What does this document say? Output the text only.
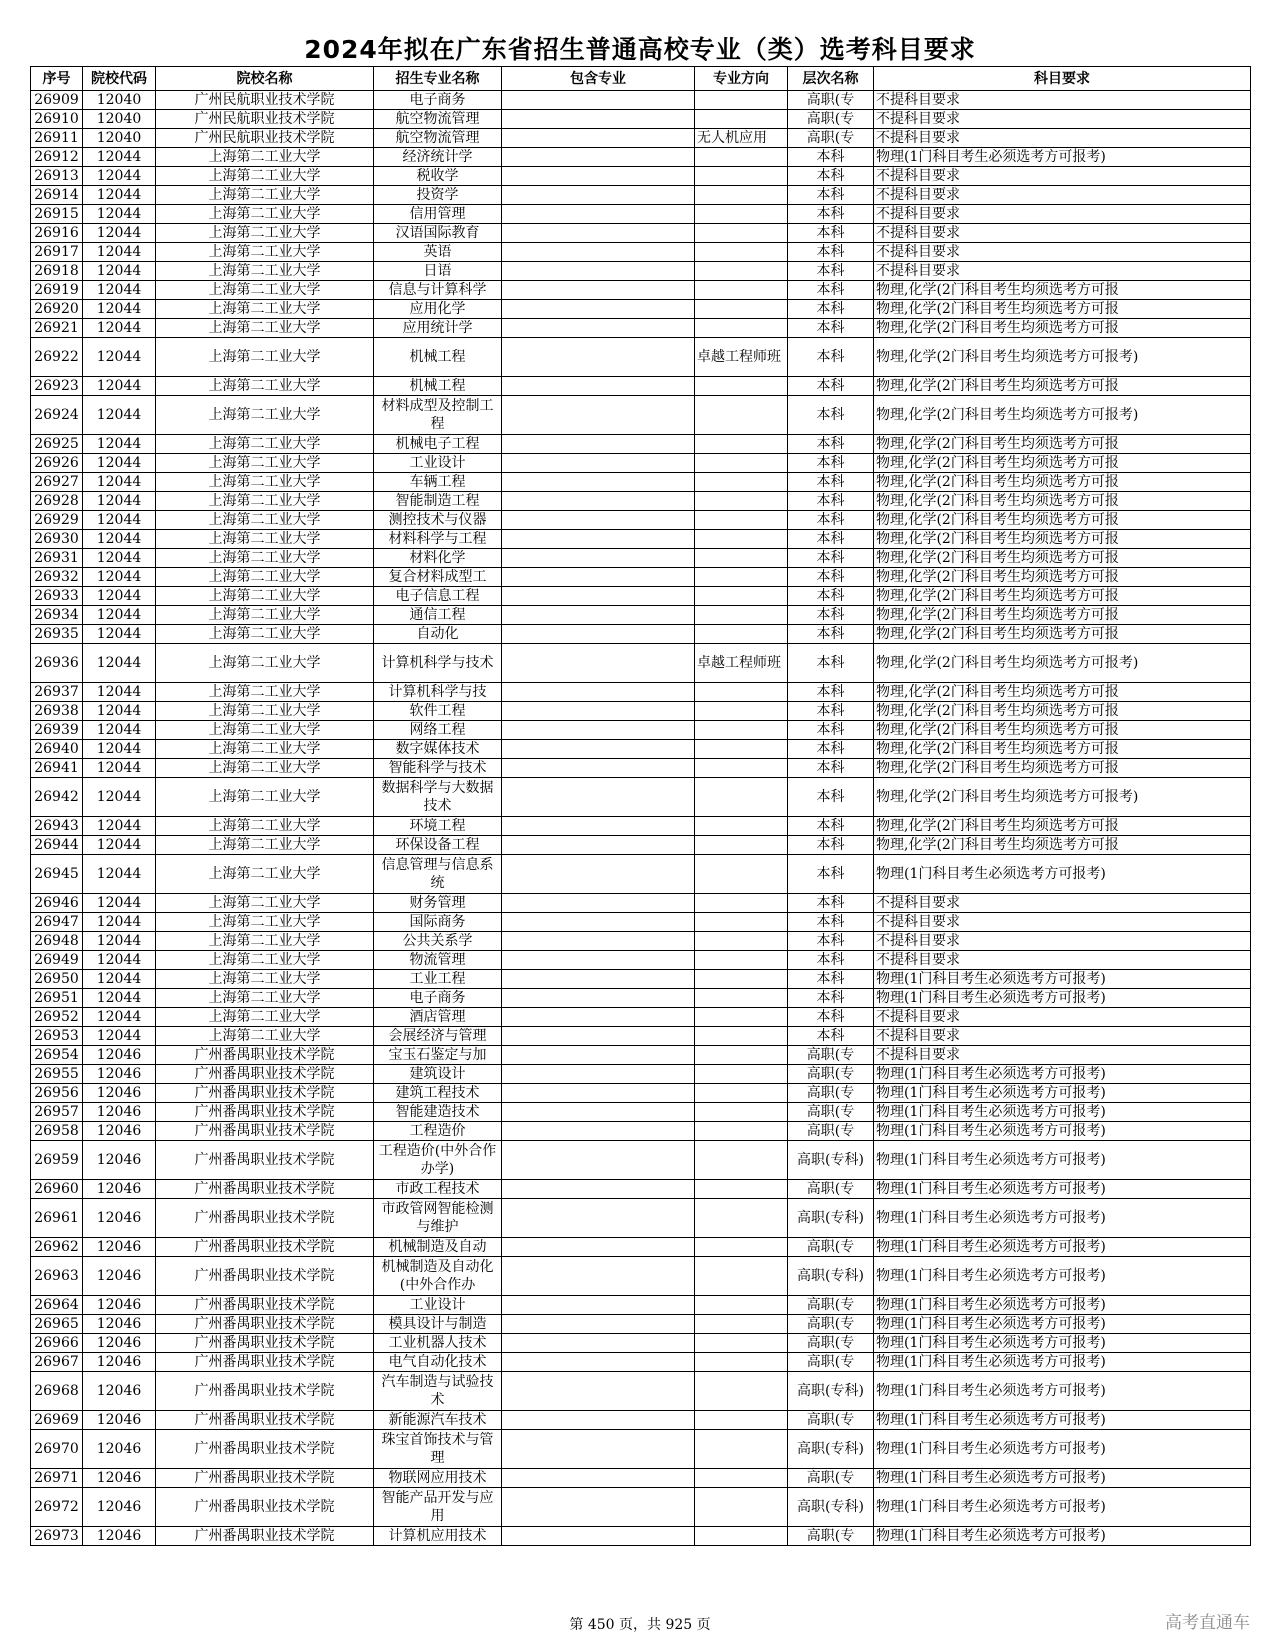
2024年拟在广东省招生普通高校专业（类）选考科目要求
序号	院校代码	院校名称	招生专业名称	包含专业	专业方向	层次名称	科目要求
26909	12040	广州民航职业技术学院	电子商务			高职(专	不提科目要求
26910	12040	广州民航职业技术学院	航空物流管理			高职(专	不提科目要求
26911	12040	广州民航职业技术学院	航空物流管理		无人机应用	高职(专	不提科目要求
26912	12044	上海第二工业大学	经济统计学			本科	物理(1门科目考生必须选考方可报考)
26913	12044	上海第二工业大学	税收学			本科	不提科目要求
26914	12044	上海第二工业大学	投资学			本科	不提科目要求
26915	12044	上海第二工业大学	信用管理			本科	不提科目要求
26916	12044	上海第二工业大学	汉语国际教育			本科	不提科目要求
26917	12044	上海第二工业大学	英语			本科	不提科目要求
26918	12044	上海第二工业大学	日语			本科	不提科目要求
26919	12044	上海第二工业大学	信息与计算科学			本科	物理,化学(2门科目考生均须选考方可报
26920	12044	上海第二工业大学	应用化学			本科	物理,化学(2门科目考生均须选考方可报
26921	12044	上海第二工业大学	应用统计学			本科	物理,化学(2门科目考生均须选考方可报
26922	12044	上海第二工业大学	机械工程		卓越工程师班	本科	物理,化学(2门科目考生均须选考方可报考)
26923	12044	上海第二工业大学	机械工程			本科	物理,化学(2门科目考生均须选考方可报
26924	12044	上海第二工业大学	材料成型及控制工程			本科	物理,化学(2门科目考生均须选考方可报考)
26925	12044	上海第二工业大学	机械电子工程			本科	物理,化学(2门科目考生均须选考方可报
26926	12044	上海第二工业大学	工业设计			本科	物理,化学(2门科目考生均须选考方可报
26927	12044	上海第二工业大学	车辆工程			本科	物理,化学(2门科目考生均须选考方可报
26928	12044	上海第二工业大学	智能制造工程			本科	物理,化学(2门科目考生均须选考方可报
26929	12044	上海第二工业大学	测控技术与仪器			本科	物理,化学(2门科目考生均须选考方可报
26930	12044	上海第二工业大学	材料科学与工程			本科	物理,化学(2门科目考生均须选考方可报
26931	12044	上海第二工业大学	材料化学			本科	物理,化学(2门科目考生均须选考方可报
26932	12044	上海第二工业大学	复合材料成型工			本科	物理,化学(2门科目考生均须选考方可报
26933	12044	上海第二工业大学	电子信息工程			本科	物理,化学(2门科目考生均须选考方可报
26934	12044	上海第二工业大学	通信工程			本科	物理,化学(2门科目考生均须选考方可报
26935	12044	上海第二工业大学	自动化			本科	物理,化学(2门科目考生均须选考方可报
26936	12044	上海第二工业大学	计算机科学与技术		卓越工程师班	本科	物理,化学(2门科目考生均须选考方可报考)
26937	12044	上海第二工业大学	计算机科学与技			本科	物理,化学(2门科目考生均须选考方可报
26938	12044	上海第二工业大学	软件工程			本科	物理,化学(2门科目考生均须选考方可报
26939	12044	上海第二工业大学	网络工程			本科	物理,化学(2门科目考生均须选考方可报
26940	12044	上海第二工业大学	数字媒体技术			本科	物理,化学(2门科目考生均须选考方可报
26941	12044	上海第二工业大学	智能科学与技术			本科	物理,化学(2门科目考生均须选考方可报
26942	12044	上海第二工业大学	数据科学与大数据技术			本科	物理,化学(2门科目考生均须选考方可报考)
26943	12044	上海第二工业大学	环境工程			本科	物理,化学(2门科目考生均须选考方可报
26944	12044	上海第二工业大学	环保设备工程			本科	物理,化学(2门科目考生均须选考方可报
26945	12044	上海第二工业大学	信息管理与信息系统			本科	物理(1门科目考生必须选考方可报考)
26946	12044	上海第二工业大学	财务管理			本科	不提科目要求
26947	12044	上海第二工业大学	国际商务			本科	不提科目要求
26948	12044	上海第二工业大学	公共关系学			本科	不提科目要求
26949	12044	上海第二工业大学	物流管理			本科	不提科目要求
26950	12044	上海第二工业大学	工业工程			本科	物理(1门科目考生必须选考方可报考)
26951	12044	上海第二工业大学	电子商务			本科	物理(1门科目考生必须选考方可报考)
26952	12044	上海第二工业大学	酒店管理			本科	不提科目要求
26953	12044	上海第二工业大学	会展经济与管理			本科	不提科目要求
26954	12046	广州番禺职业技术学院	宝玉石鉴定与加			高职(专	不提科目要求
26955	12046	广州番禺职业技术学院	建筑设计			高职(专	物理(1门科目考生必须选考方可报考)
26956	12046	广州番禺职业技术学院	建筑工程技术			高职(专	物理(1门科目考生必须选考方可报考)
26957	12046	广州番禺职业技术学院	智能建造技术			高职(专	物理(1门科目考生必须选考方可报考)
26958	12046	广州番禺职业技术学院	工程造价			高职(专	物理(1门科目考生必须选考方可报考)
26959	12046	广州番禺职业技术学院	工程造价(中外合作办学)			高职(专科)	物理(1门科目考生必须选考方可报考)
26960	12046	广州番禺职业技术学院	市政工程技术			高职(专	物理(1门科目考生必须选考方可报考)
26961	12046	广州番禺职业技术学院	市政管网智能检测与维护			高职(专科)	物理(1门科目考生必须选考方可报考)
26962	12046	广州番禺职业技术学院	机械制造及自动			高职(专	物理(1门科目考生必须选考方可报考)
26963	12046	广州番禺职业技术学院	机械制造及自动化(中外合作办			高职(专科)	物理(1门科目考生必须选考方可报考)
26964	12046	广州番禺职业技术学院	工业设计			高职(专	物理(1门科目考生必须选考方可报考)
26965	12046	广州番禺职业技术学院	模具设计与制造			高职(专	物理(1门科目考生必须选考方可报考)
26966	12046	广州番禺职业技术学院	工业机器人技术			高职(专	物理(1门科目考生必须选考方可报考)
26967	12046	广州番禺职业技术学院	电气自动化技术			高职(专	物理(1门科目考生必须选考方可报考)
26968	12046	广州番禺职业技术学院	汽车制造与试验技术			高职(专科)	物理(1门科目考生必须选考方可报考)
26969	12046	广州番禺职业技术学院	新能源汽车技术			高职(专	物理(1门科目考生必须选考方可报考)
26970	12046	广州番禺职业技术学院	珠宝首饰技术与管理			高职(专科)	物理(1门科目考生必须选考方可报考)
26971	12046	广州番禺职业技术学院	物联网应用技术			高职(专	物理(1门科目考生必须选考方可报考)
26972	12046	广州番禺职业技术学院	智能产品开发与应用			高职(专科)	物理(1门科目考生必须选考方可报考)
26973	12046	广州番禺职业技术学院	计算机应用技术			高职(专	物理(1门科目考生必须选考方可报考)
第 450 页，共 925 页	高考直通车
